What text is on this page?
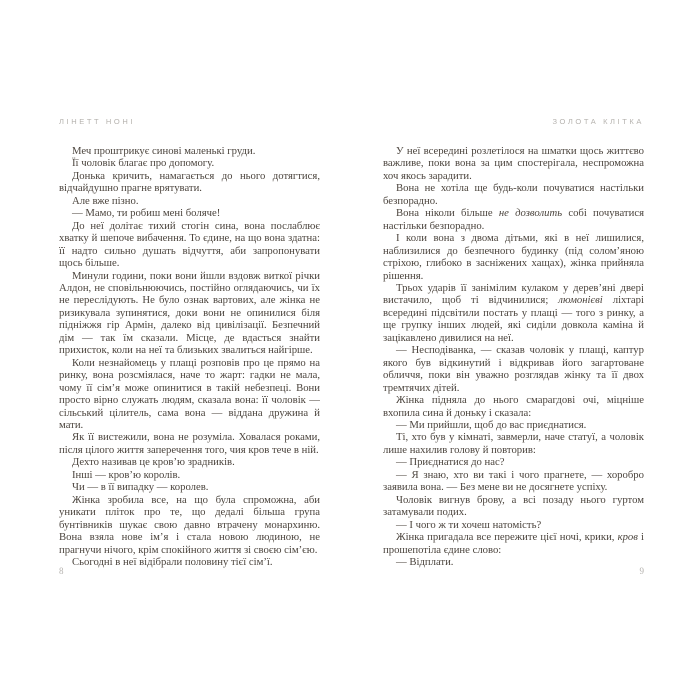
ЛІНЕТТ НОНІ

Меч проштрикує синові маленькі груди.

Її чоловік благає про допомогу.

Донька кричить, намагається до нього дотягтися, відчайдушно прагне врятувати.

Але вже пізно.

— Мамо, ти робиш мені боляче!

До неї долітає тихий стогін сина, вона послаблює хватку й шепоче вибачення. То єдине, на що вона здатна: її надто сильно душать відчуття, аби запропонувати щось більше.

Минули години, поки вони йшли вздовж виткої річки Алдон, не сповільнюючись, постійно оглядаючись, чи їх не переслідують. Не було ознак вартових, але жінка не ризикувала зупинятися, доки вони не опинилися біля підніжжя гір Армін, далеко від цивілізації. Безпечний дім — так їм сказали. Місце, де вдасться знайти прихисток, коли на неї та близьких звалиться найгірше.

Коли незнайомець у плащі розповів про це прямо на ринку, вона розсміялася, наче то жарт: гадки не мала, чому її сім’я може опинитися в такій небезпеці. Вони просто вірно служать людям, сказала вона: її чоловік — сільський цілитель, сама вона — віддана дружина й мати.

Як її вистежили, вона не розуміла. Ховалася роками, після цілого життя заперечення того, чия кров тече в ній.

Дехто називав це кров’ю зрадників.

Інші — кров’ю королів.

Чи — в її випадку — королев.

Жінка зробила все, на що була спроможна, аби уникати пліток про те, що дедалі більша група бунтівників шукає свою давно втрачену монархиню. Вона взяла нове ім’я і стала новою людиною, не прагнучи нічого, крім спокійного життя зі своєю сім’єю.

Сьогодні в неї відібрали половину тієї сім’ї.

8
ЗОЛОТА КЛІТКА

У неї всередині розлетілося на шматки щось життєво важливе, поки вона за цим спостерігала, неспроможна хоч якось зарадити.

Вона не хотіла ще будь-коли почуватися настільки безпорадно.

Вона ніколи більше не дозволить собі почуватися настільки безпорадно.

І коли вона з двома дітьми, які в неї лишилися, наблизилися до безпечного будинку (під солом’яною стріхою, глибоко в засніжених хащах), жінка прийняла рішення.

Трьох ударів її занімілим кулаком у дерев’яні двері вистачило, щоб ті відчинилися; люмонієві ліхтарі всередині підсвітили постать у плащі — того з ринку, а ще групку інших людей, які сиділи довкола каміна й зацікавлено дивилися на неї.

— Несподіванка, — сказав чоловік у плащі, каптур якого був відкинутий і відкривав його загартоване обличчя, поки він уважно розглядав жінку та її двох тремтячих дітей.

Жінка підняла до нього смарагдові очі, міцніше вхопила сина й доньку і сказала:

— Ми прийшли, щоб до вас приєднатися.

Ті, хто був у кімнаті, завмерли, наче статуї, а чоловік лише нахилив голову й повторив:

— Приєднатися до нас?

— Я знаю, хто ви такі і чого прагнете, — хоробро заявила вона. — Без мене ви не досягнете успіху.

Чоловік вигнув брову, а всі позаду нього гуртом затамували подих.

— І чого ж ти хочеш натомість?

Жінка пригадала все пережите цієї ночі, крики, кров і прошепотіла єдине слово:

— Відплати.

9
